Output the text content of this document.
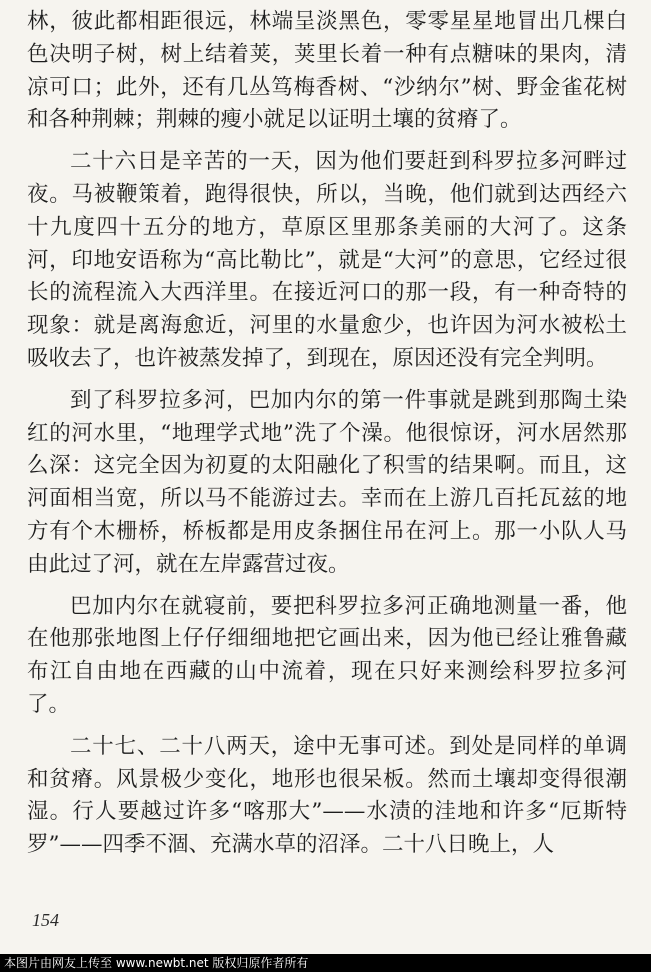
林，彼此都相距很远，林端呈淡黑色，零零星星地冒出几棵白色决明子树，树上结着荚，荚里长着一种有点糖味的果肉，清凉可口；此外，还有几丛笃梅香树、“沙纳尔”树、野金雀花树和各种荆棘；荆棘的瘦小就足以证明土壤的贫瘠了。

二十六日是辛苦的一天，因为他们要赶到科罗拉多河畔过夜。马被鞭策着，跑得很快，所以，当晚，他们就到达西经六十九度四十五分的地方，草原区里那条美丽的大河了。这条河，印地安语称为“高比勒比”，就是“大河”的意思，它经过很长的流程流入大西洋里。在接近河口的那一段，有一种奇特的现象：就是离海愈近，河里的水量愈少，也许因为河水被松土吸收去了，也许被蒸发掉了，到现在，原因还没有完全判明。

到了科罗拉多河，巴加内尔的第一件事就是跳到那陶土染红的河水里，“地理学式地”洗了个澡。他很惊讶，河水居然那么深：这完全因为初夏的太阳融化了积雪的结果啊。而且，这河面相当宽，所以马不能游过去。幸而在上游几百托瓦兹的地方有个木栅桥，桥板都是用皮条捆住吊在河上。那一小队人马由此过了河，就在左岸露营过夜。

巴加内尔在就寝前，要把科罗拉多河正确地测量一番，他在他那张地图上仔仔细细地把它画出来，因为他已经让雅鲁藏布江自由地在西藏的山中流着，现在只好来测绘科罗拉多河了。

二十七、二十八两天，途中无事可述。到处是同样的单调和贫瘠。风景极少变化，地形也很呆板。然而土壤却变得很潮湿。行人要越过许多“喀那大”——水渍的洼地和许多“厄斯特罗”——四季不涸、充满水草的沼泽。二十八日晚上，人

154
本图片由网友上传至 www.newbt.net 版权归原作者所有
